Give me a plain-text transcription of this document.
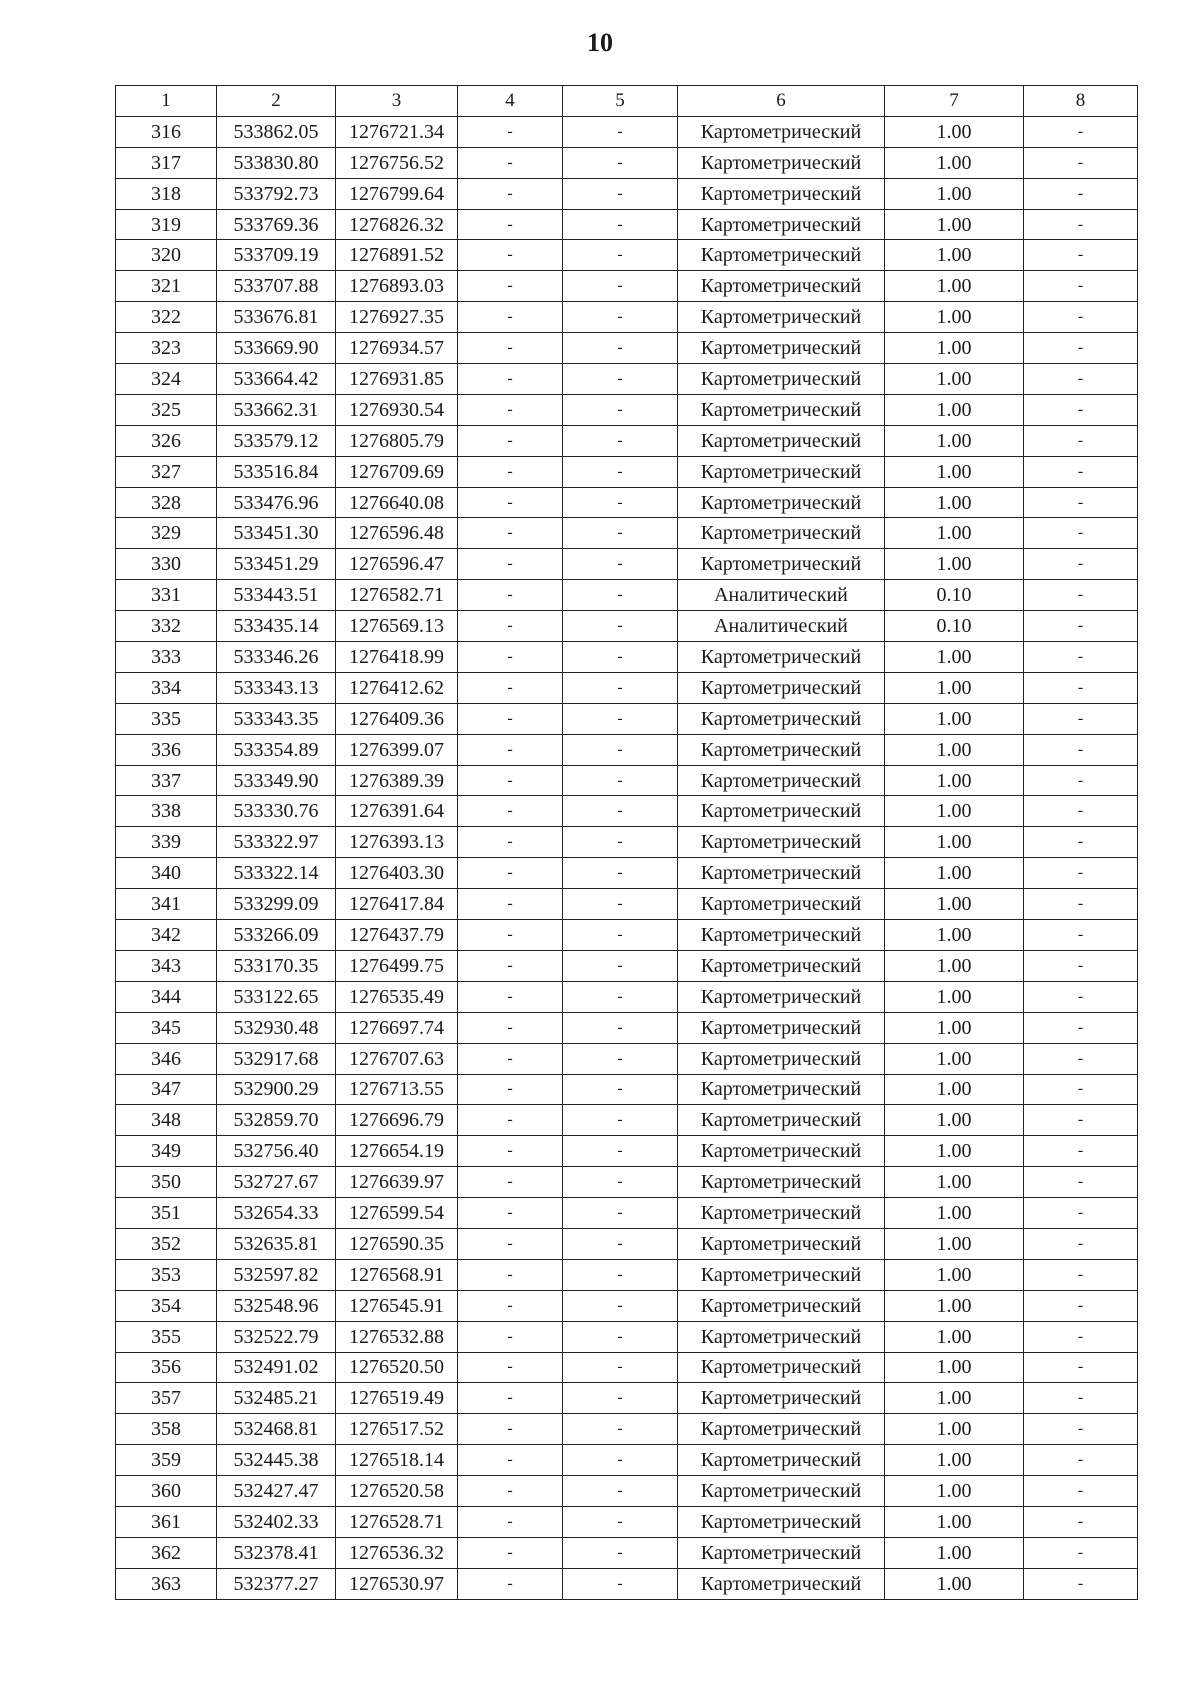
10
1	2	3	4	5	6	7	8
316	533862.05	1276721.34	-	-	Картометрический	1.00	-
317	533830.80	1276756.52	-	-	Картометрический	1.00	-
318	533792.73	1276799.64	-	-	Картометрический	1.00	-
319	533769.36	1276826.32	-	-	Картометрический	1.00	-
320	533709.19	1276891.52	-	-	Картометрический	1.00	-
321	533707.88	1276893.03	-	-	Картометрический	1.00	-
322	533676.81	1276927.35	-	-	Картометрический	1.00	-
323	533669.90	1276934.57	-	-	Картометрический	1.00	-
324	533664.42	1276931.85	-	-	Картометрический	1.00	-
325	533662.31	1276930.54	-	-	Картометрический	1.00	-
326	533579.12	1276805.79	-	-	Картометрический	1.00	-
327	533516.84	1276709.69	-	-	Картометрический	1.00	-
328	533476.96	1276640.08	-	-	Картометрический	1.00	-
329	533451.30	1276596.48	-	-	Картометрический	1.00	-
330	533451.29	1276596.47	-	-	Картометрический	1.00	-
331	533443.51	1276582.71	-	-	Аналитический	0.10	-
332	533435.14	1276569.13	-	-	Аналитический	0.10	-
333	533346.26	1276418.99	-	-	Картометрический	1.00	-
334	533343.13	1276412.62	-	-	Картометрический	1.00	-
335	533343.35	1276409.36	-	-	Картометрический	1.00	-
336	533354.89	1276399.07	-	-	Картометрический	1.00	-
337	533349.90	1276389.39	-	-	Картометрический	1.00	-
338	533330.76	1276391.64	-	-	Картометрический	1.00	-
339	533322.97	1276393.13	-	-	Картометрический	1.00	-
340	533322.14	1276403.30	-	-	Картометрический	1.00	-
341	533299.09	1276417.84	-	-	Картометрический	1.00	-
342	533266.09	1276437.79	-	-	Картометрический	1.00	-
343	533170.35	1276499.75	-	-	Картометрический	1.00	-
344	533122.65	1276535.49	-	-	Картометрический	1.00	-
345	532930.48	1276697.74	-	-	Картометрический	1.00	-
346	532917.68	1276707.63	-	-	Картометрический	1.00	-
347	532900.29	1276713.55	-	-	Картометрический	1.00	-
348	532859.70	1276696.79	-	-	Картометрический	1.00	-
349	532756.40	1276654.19	-	-	Картометрический	1.00	-
350	532727.67	1276639.97	-	-	Картометрический	1.00	-
351	532654.33	1276599.54	-	-	Картометрический	1.00	-
352	532635.81	1276590.35	-	-	Картометрический	1.00	-
353	532597.82	1276568.91	-	-	Картометрический	1.00	-
354	532548.96	1276545.91	-	-	Картометрический	1.00	-
355	532522.79	1276532.88	-	-	Картометрический	1.00	-
356	532491.02	1276520.50	-	-	Картометрический	1.00	-
357	532485.21	1276519.49	-	-	Картометрический	1.00	-
358	532468.81	1276517.52	-	-	Картометрический	1.00	-
359	532445.38	1276518.14	-	-	Картометрический	1.00	-
360	532427.47	1276520.58	-	-	Картометрический	1.00	-
361	532402.33	1276528.71	-	-	Картометрический	1.00	-
362	532378.41	1276536.32	-	-	Картометрический	1.00	-
363	532377.27	1276530.97	-	-	Картометрический	1.00	-
